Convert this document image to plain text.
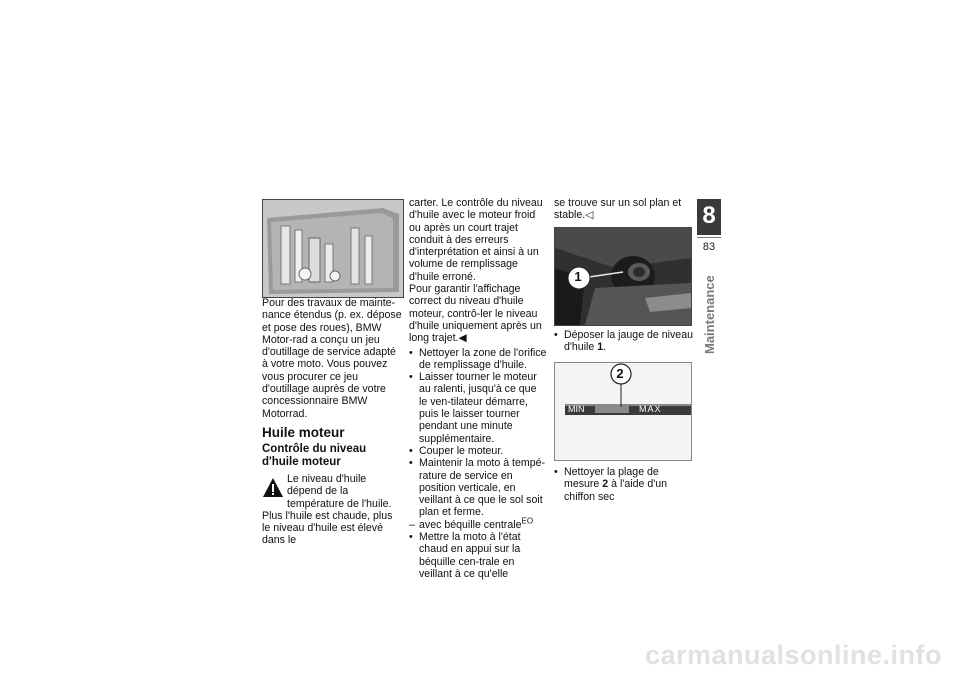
Pour des travaux de mainte-nance étendus (p. ex. dépose et pose des roues), BMW Motor-rad a conçu un jeu d'outillage de service adapté à votre moto. Vous pouvez vous procurer ce jeu d'outillage auprès de votre concessionnaire BMW Motorrad.

Huile moteur
Contrôle du niveau d'huile moteur

Le niveau d'huile dépend de la température de l'huile. Plus l'huile est chaude, plus le niveau d'huile est élevé dans le

carter. Le contrôle du niveau d'huile avec le moteur froid ou après un court trajet conduit à des erreurs d'interprétation et ainsi à un volume de remplissage d'huile erroné.

Pour garantir l'affichage correct du niveau d'huile moteur, contrô-ler le niveau d'huile uniquement après un long trajet.◀

• Nettoyer la zone de l'orifice de remplissage d'huile.

• Laisser tourner le moteur au ralenti, jusqu'à ce que le ven-tilateur démarre, puis le laisser tourner pendant une minute supplémentaire.

• Couper le moteur.

• Maintenir la moto à tempé-rature de service en position verticale, en veillant à ce que le sol soit plan et ferme.

– avec béquille centrale$^{EO}$

• Mettre la moto à l'état chaud en appui sur la béquille cen-trale en veillant à ce qu'elle

se trouve sur un sol plan et stable.◁

1

• Déposer la jauge de niveau d'huile 1.

2
MIN	MAX

• Nettoyer la plage de mesure 2 à l'aide d'un chiffon sec

8
83
Maintenance
carmanualsonline.info
